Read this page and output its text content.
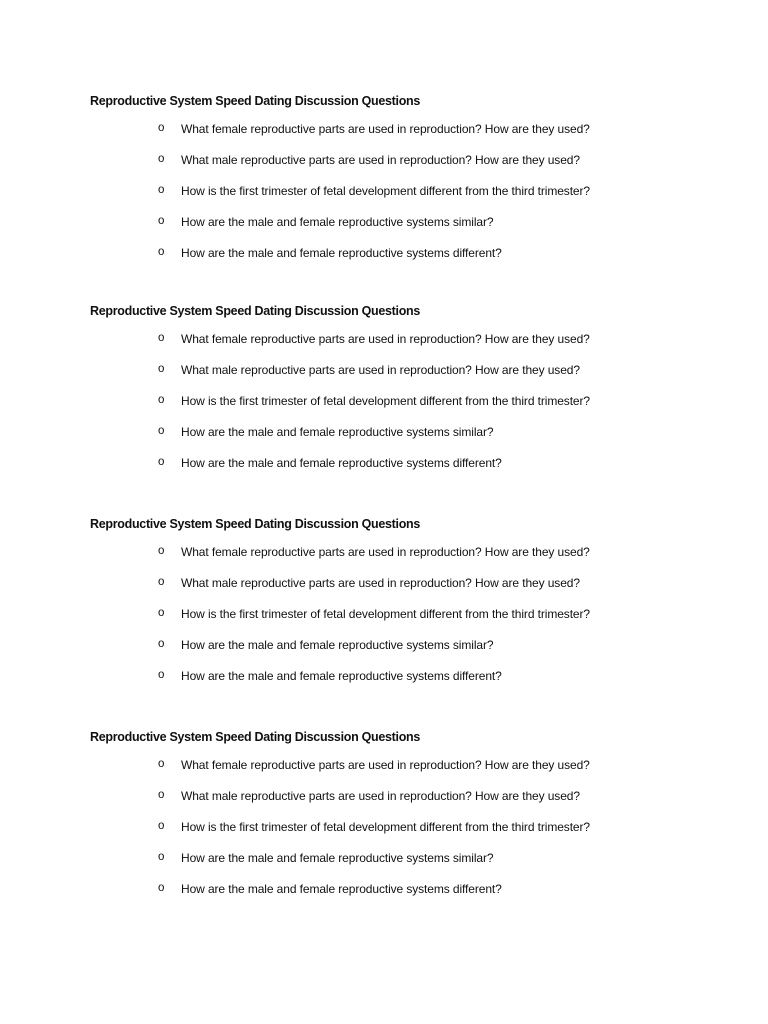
Reproductive System Speed Dating Discussion Questions
o What female reproductive parts are used in reproduction? How are they used?
o What male reproductive parts are used in reproduction? How are they used?
o How is the first trimester of fetal development different from the third trimester?
o How are the male and female reproductive systems similar?
o How are the male and female reproductive systems different?
Reproductive System Speed Dating Discussion Questions
o What female reproductive parts are used in reproduction? How are they used?
o What male reproductive parts are used in reproduction? How are they used?
o How is the first trimester of fetal development different from the third trimester?
o How are the male and female reproductive systems similar?
o How are the male and female reproductive systems different?
Reproductive System Speed Dating Discussion Questions
o What female reproductive parts are used in reproduction? How are they used?
o What male reproductive parts are used in reproduction? How are they used?
o How is the first trimester of fetal development different from the third trimester?
o How are the male and female reproductive systems similar?
o How are the male and female reproductive systems different?
Reproductive System Speed Dating Discussion Questions
o What female reproductive parts are used in reproduction? How are they used?
o What male reproductive parts are used in reproduction? How are they used?
o How is the first trimester of fetal development different from the third trimester?
o How are the male and female reproductive systems similar?
o How are the male and female reproductive systems different?
